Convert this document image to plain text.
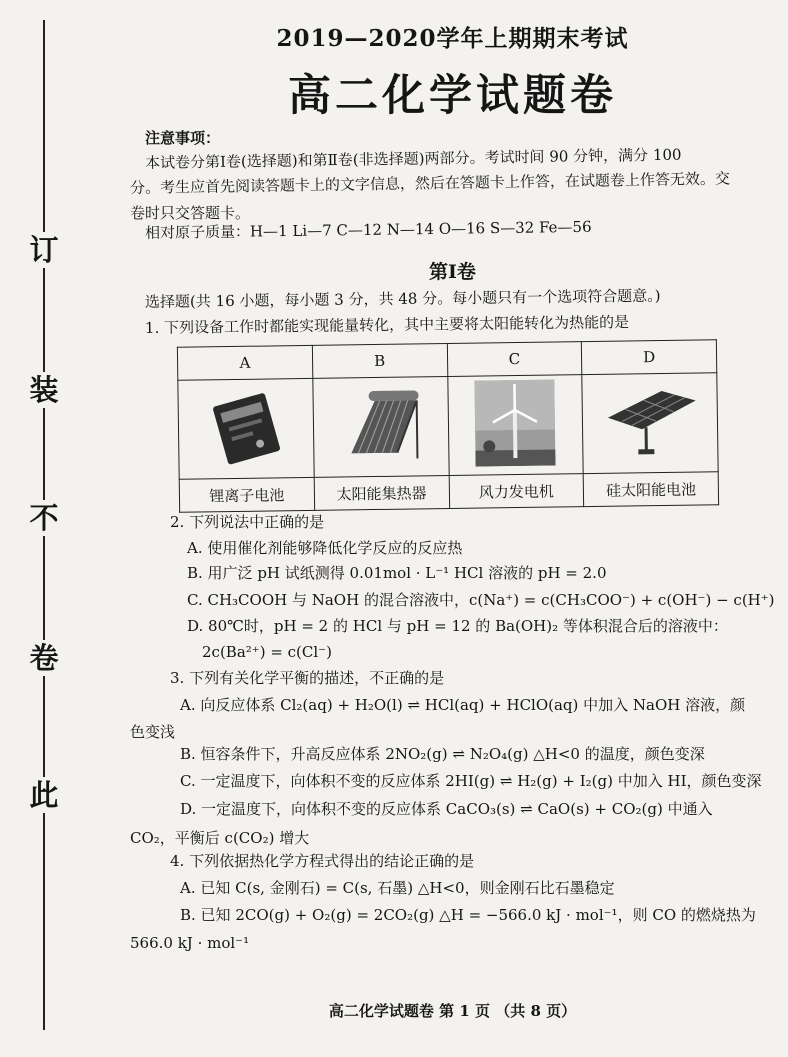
订
装
不
卷
此
2019—2020学年上期期末考试
高二化学试题卷
注意事项：
本试卷分第Ⅰ卷(选择题)和第Ⅱ卷(非选择题)两部分。考试时间 90 分钟，满分 100
分。考生应首先阅读答题卡上的文字信息，然后在答题卡上作答，在试题卷上作答无效。交
卷时只交答题卡。
相对原子质量：H—1 Li—7 C—12 N—14 O—16 S—32 Fe—56
第Ⅰ卷
选择题(共 16 小题，每小题 3 分，共 48 分。每小题只有一个选项符合题意。)
1. 下列设备工作时都能实现能量转化，其中主要将太阳能转化为热能的是
A	B	C	D

锂离子电池	太阳能集热器	风力发电机	硅太阳能电池
2. 下列说法中正确的是
A. 使用催化剂能够降低化学反应的反应热
B. 用广泛 pH 试纸测得 0.01mol · L⁻¹ HCl 溶液的 pH = 2.0
C. CH₃COOH 与 NaOH 的混合溶液中，c(Na⁺) = c(CH₃COO⁻) + c(OH⁻) − c(H⁺)
D. 80℃时，pH = 2 的 HCl 与 pH = 12 的 Ba(OH)₂ 等体积混合后的溶液中：
2c(Ba²⁺) = c(Cl⁻)
3. 下列有关化学平衡的描述，不正确的是
A. 向反应体系 Cl₂(aq) + H₂O(l) ⇌ HCl(aq) + HClO(aq) 中加入 NaOH 溶液，颜
色变浅
B. 恒容条件下，升高反应体系 2NO₂(g) ⇌ N₂O₄(g) △H<0 的温度，颜色变深
C. 一定温度下，向体积不变的反应体系 2HI(g) ⇌ H₂(g) + I₂(g) 中加入 HI，颜色变深
D. 一定温度下，向体积不变的反应体系 CaCO₃(s) ⇌ CaO(s) + CO₂(g) 中通入
CO₂，平衡后 c(CO₂) 增大
4. 下列依据热化学方程式得出的结论正确的是
A. 已知 C(s, 金刚石) = C(s, 石墨) △H<0，则金刚石比石墨稳定
B. 已知 2CO(g) + O₂(g) = 2CO₂(g) △H = −566.0 kJ · mol⁻¹，则 CO 的燃烧热为
566.0 kJ · mol⁻¹
高二化学试题卷 第 1 页 （共 8 页）
